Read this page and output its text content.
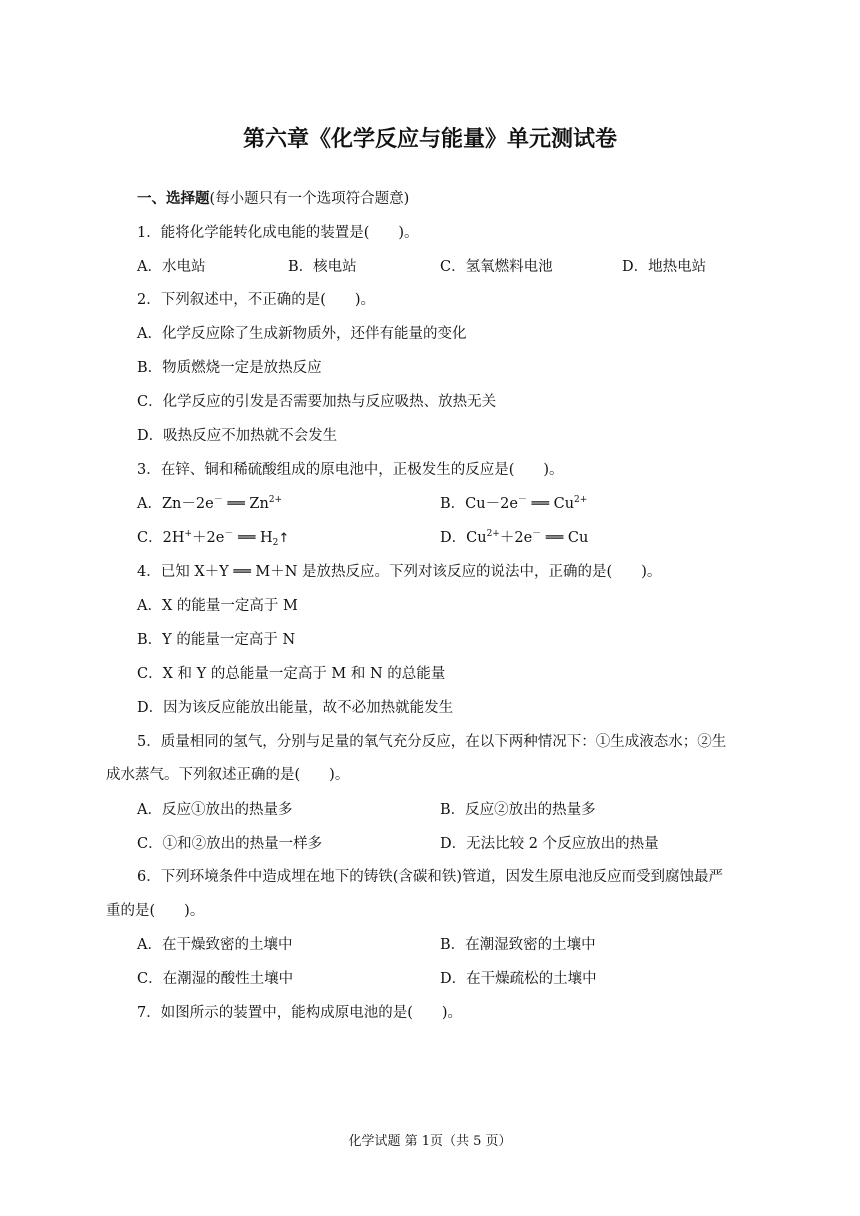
第六章《化学反应与能量》单元测试卷
一、选择题(每小题只有一个选项符合题意)
1．能将化学能转化成电能的装置是(　　)。
A．水电站	B．核电站	C．氢氧燃料电池	D．地热电站
2．下列叙述中，不正确的是(　　)。
A．化学反应除了生成新物质外，还伴有能量的变化
B．物质燃烧一定是放热反应
C．化学反应的引发是否需要加热与反应吸热、放热无关
D．吸热反应不加热就不会发生
3．在锌、铜和稀硫酸组成的原电池中，正极发生的反应是(　　)。
A．Zn－2e－ ══ $Zn^{2+}$	B．Cu－2e－ ══ $Cu^{2+}$
C．2H+＋2e－ ══ $H_2↑$	D．$Cu^{2+}+2e^-$ ══ Cu
4．已知 X＋Y ══ M＋N 是放热反应。下列对该反应的说法中，正确的是(　　)。
A．X 的能量一定高于 M
B．Y 的能量一定高于 N
C．X 和 Y 的总能量一定高于 M 和 N 的总能量
D．因为该反应能放出能量，故不必加热就能发生
5．质量相同的氢气，分别与足量的氧气充分反应，在以下两种情况下：①生成液态水；②生
成水蒸气。下列叙述正确的是(　　)。
A．反应①放出的热量多	B．反应②放出的热量多
C．①和②放出的热量一样多	D．无法比较 2 个反应放出的热量
6．下列环境条件中造成埋在地下的铸铁(含碳和铁)管道，因发生原电池反应而受到腐蚀最严
重的是(　　)。
A．在干燥致密的土壤中	B．在潮湿致密的土壤中
C．在潮湿的酸性土壤中	D．在干燥疏松的土壤中
7．如图所示的装置中，能构成原电池的是(　　)。
化学试题 第 1页（共 5 页）
